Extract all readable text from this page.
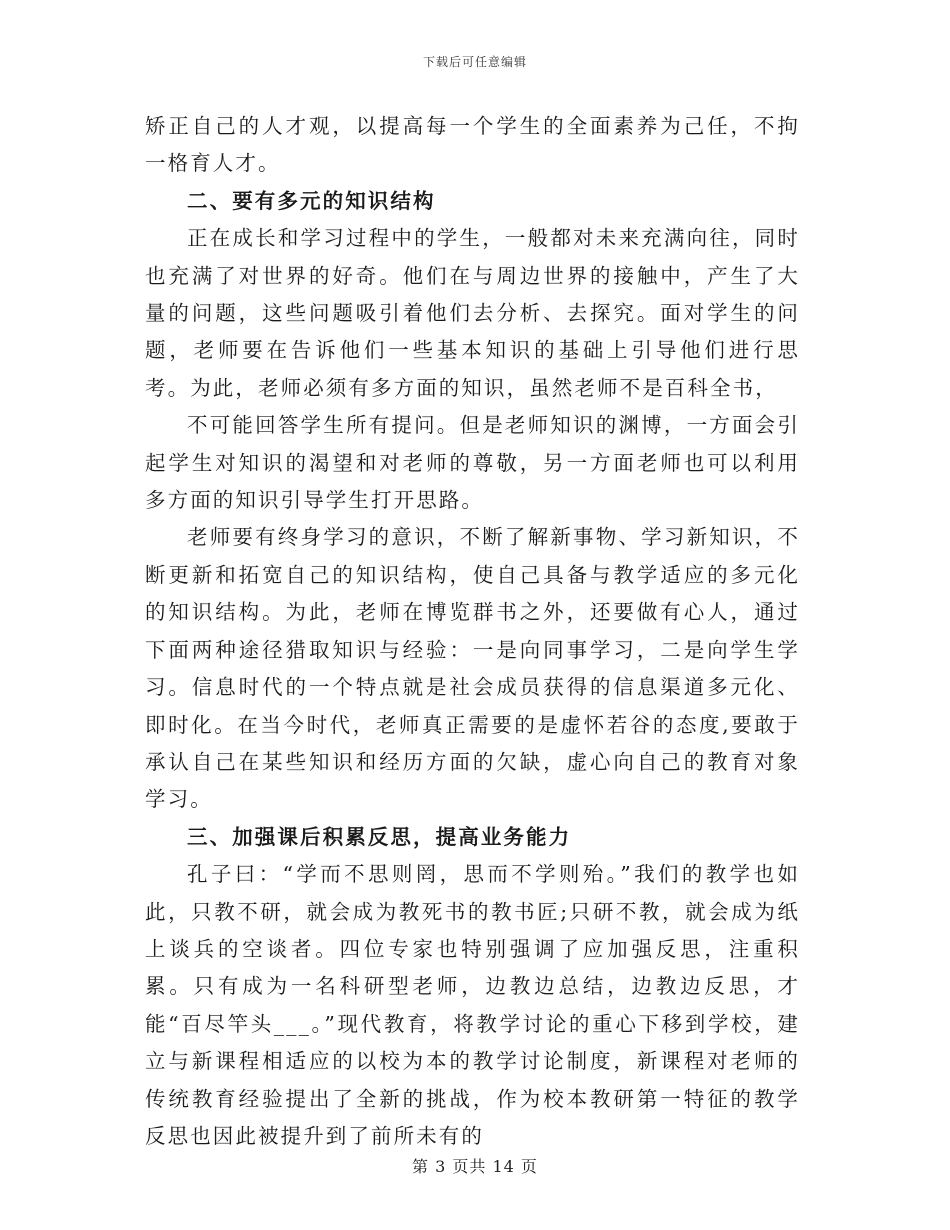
下载后可任意编辑

矫正自己的人才观，以提高每一个学生的全面素养为己任，不拘一格育人才。

二、要有多元的知识结构

正在成长和学习过程中的学生，一般都对未来充满向往，同时也充满了对世界的好奇。他们在与周边世界的接触中，产生了大量的问题，这些问题吸引着他们去分析、去探究。面对学生的问题，老师要在告诉他们一些基本知识的基础上引导他们进行思考。为此，老师必须有多方面的知识，虽然老师不是百科全书，

不可能回答学生所有提问。但是老师知识的渊博，一方面会引起学生对知识的渴望和对老师的尊敬，另一方面老师也可以利用多方面的知识引导学生打开思路。

老师要有终身学习的意识，不断了解新事物、学习新知识，不断更新和拓宽自己的知识结构，使自己具备与教学适应的多元化的知识结构。为此，老师在博览群书之外，还要做有心人，通过下面两种途径猎取知识与经验：一是向同事学习，二是向学生学习。信息时代的一个特点就是社会成员获得的信息渠道多元化、即时化。在当今时代，老师真正需要的是虚怀若谷的态度,要敢于承认自己在某些知识和经历方面的欠缺，虚心向自己的教育对象学习。

三、加强课后积累反思，提高业务能力

孔子曰：“学而不思则罔，思而不学则殆。”我们的教学也如此，只教不研，就会成为教死书的教书匠;只研不教，就会成为纸上谈兵的空谈者。四位专家也特别强调了应加强反思，注重积累。只有成为一名科研型老师，边教边总结，边教边反思，才能“百尽竿头___。”现代教育，将教学讨论的重心下移到学校，建立与新课程相适应的以校为本的教学讨论制度，新课程对老师的传统教育经验提出了全新的挑战，作为校本教研第一特征的教学反思也因此被提升到了前所未有的

第 3 页共 14 页
